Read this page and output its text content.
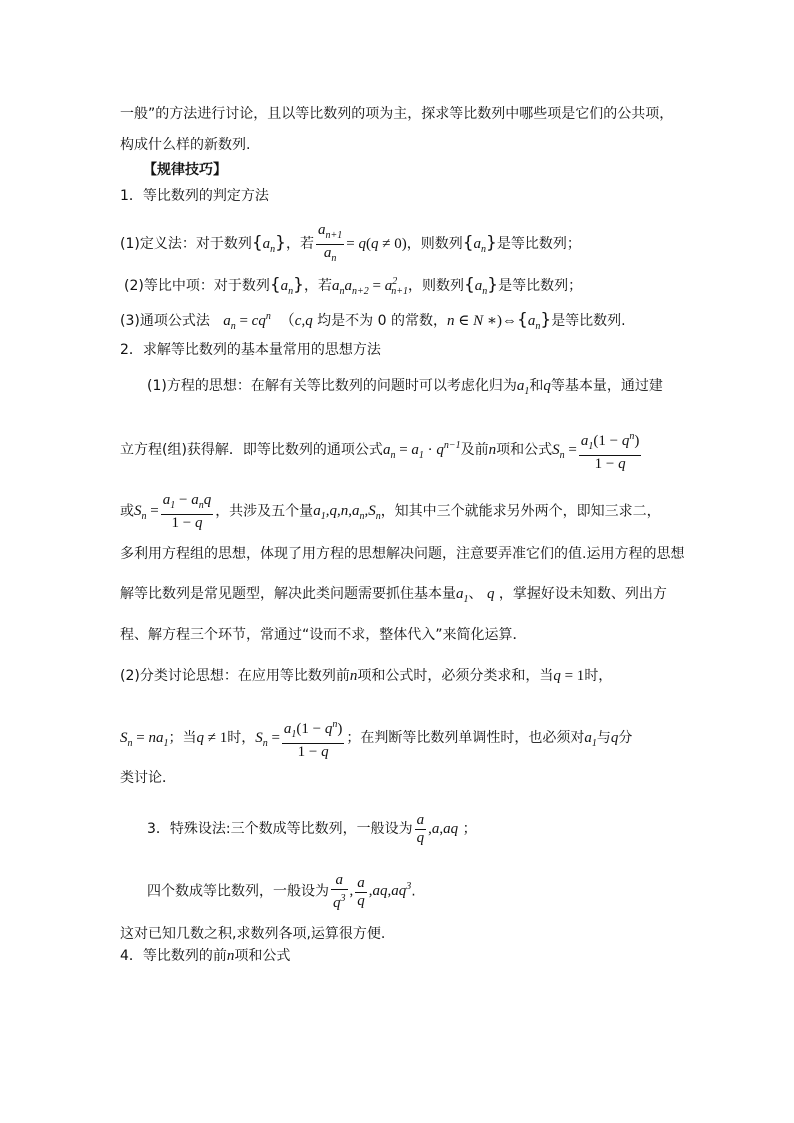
一般”的方法进行讨论，且以等比数列的项为主，探求等比数列中哪些项是它们的公共项，
构成什么样的新数列.
【规律技巧】
1．等比数列的判定方法
(1)定义法：对于数列$\{a_n\}$，若 $\frac{a_{n+1}}{a_n} = q(q \ne 0)$，则数列$\{a_n\}$是等比数列；
(2)等比中项：对于数列$\{a_n\}$，若$a_na_{n+2} = a^2_{n+1}$，则数列$\{a_n\}$是等比数列；
(3)通项公式法 $a_n = cq^n$ （c,q 均是不为 0 的常数，n ∈ N $∗)\Leftrightarrow\{a_n\}$是等比数列.
2．求解等比数列的基本量常用的思想方法
(1)方程的思想：在解有关等比数列的问题时可以考虑化归为$a_1$和q等基本量，通过建
立方程(组)获得解．即等比数列的通项公式$a_n = a_1 \cdot q^{n-1}$及前n项和公式$S_n = \frac{a_1(1 - q^n)}{1 - q}$
或$S_n = \frac{a_1 - a_nq}{1 - q}$ ，共涉及五个量$a_1,q,n,a_n,S_n$，知其中三个就能求另外两个，即知三求二，
多利用方程组的思想，体现了用方程的思想解决问题，注意要弄准它们的值.运用方程的思想
解等比数列是常见题型，解决此类问题需要抓住基本量$a_1$、 q ，掌握好设未知数、列出方
程、解方程三个环节，常通过“设而不求，整体代入”来简化运算．
(2)分类讨论思想：在应用等比数列前n项和公式时，必须分类求和，当q = 1时，
$S_n = na_1$；当q ≠ 1时，$S_n = \frac{a_1(1 - q^n)}{1 - q}$ ；在判断等比数列单调性时，也必须对$a_1$与q分
类讨论．
3．特殊设法:三个数成等比数列，一般设为 $\frac{a}{q} ,a,aq$ ；
四个数成等比数列，一般设为 $\frac{a}{q^3}$ , $\frac{a}{q} ,aq,aq^3$.
这对已知几数之积,求数列各项,运算很方便.
4．等比数列的前n项和公式
